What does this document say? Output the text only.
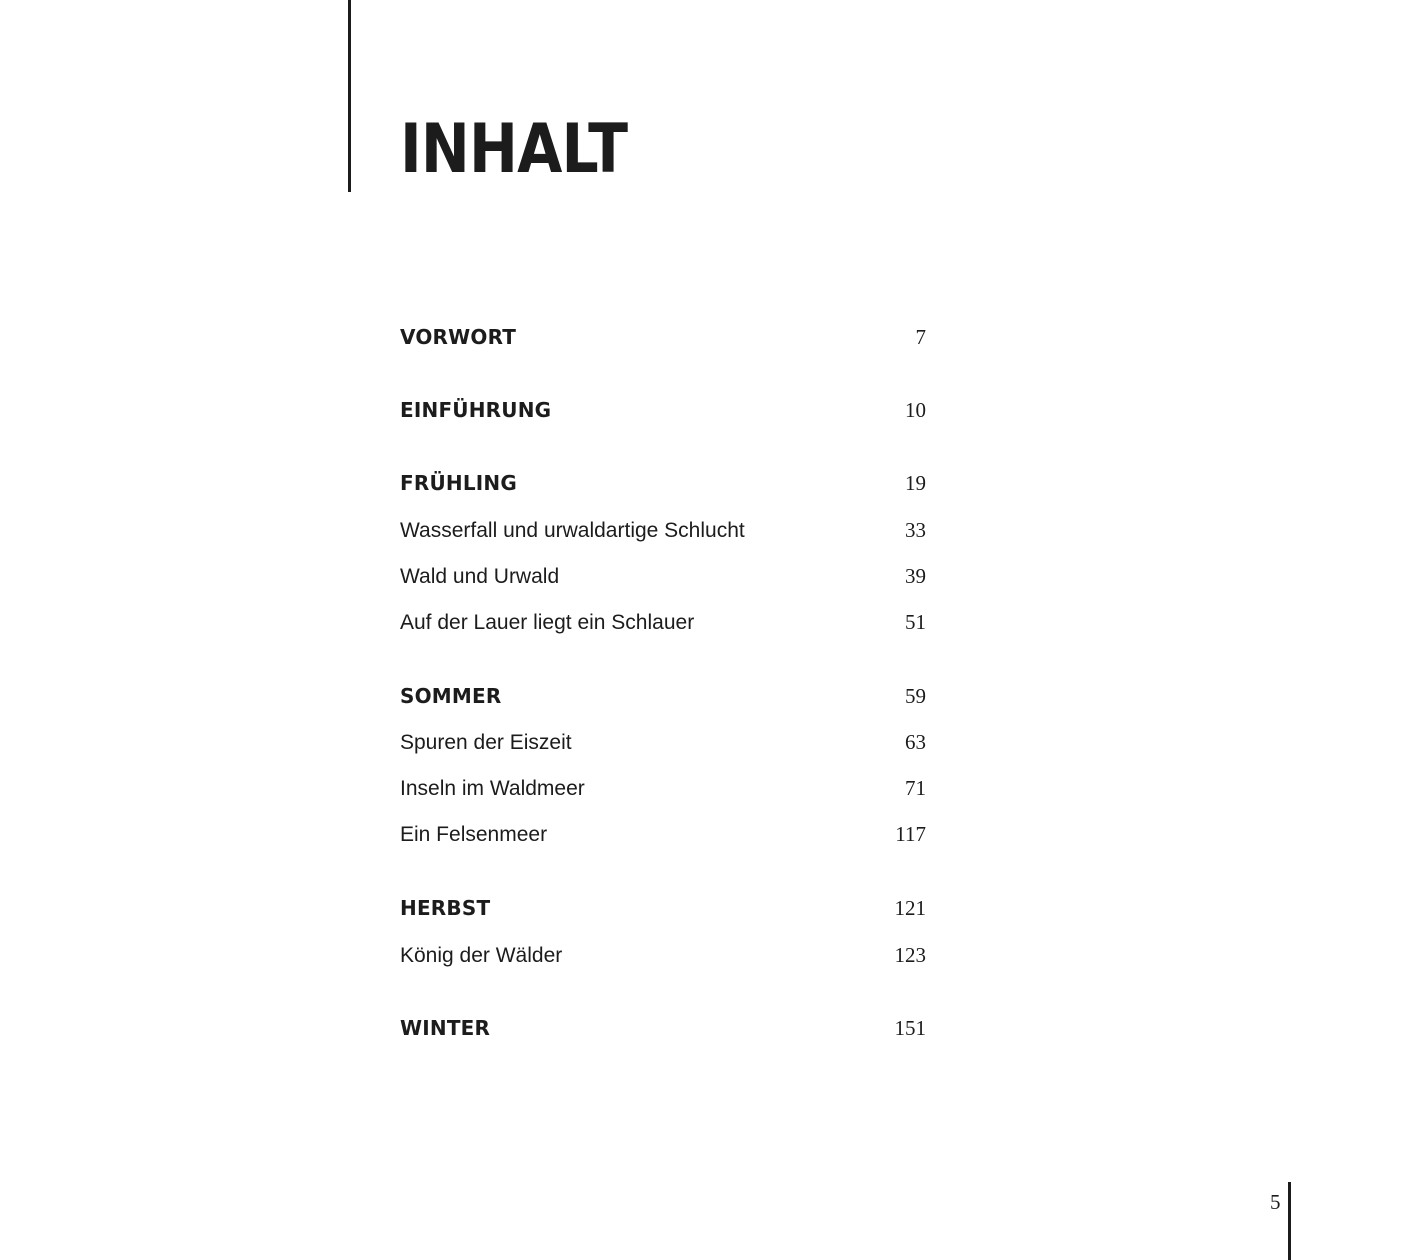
INHALT
VORWORT	7
EINFÜHRUNG	10
FRÜHLING	19
Wasserfall und urwaldartige Schlucht	33
Wald und Urwald	39
Auf der Lauer liegt ein Schlauer	51
SOMMER	59
Spuren der Eiszeit	63
Inseln im Waldmeer	71
Ein Felsenmeer	117
HERBST	121
König der Wälder	123
WINTER	151
5
